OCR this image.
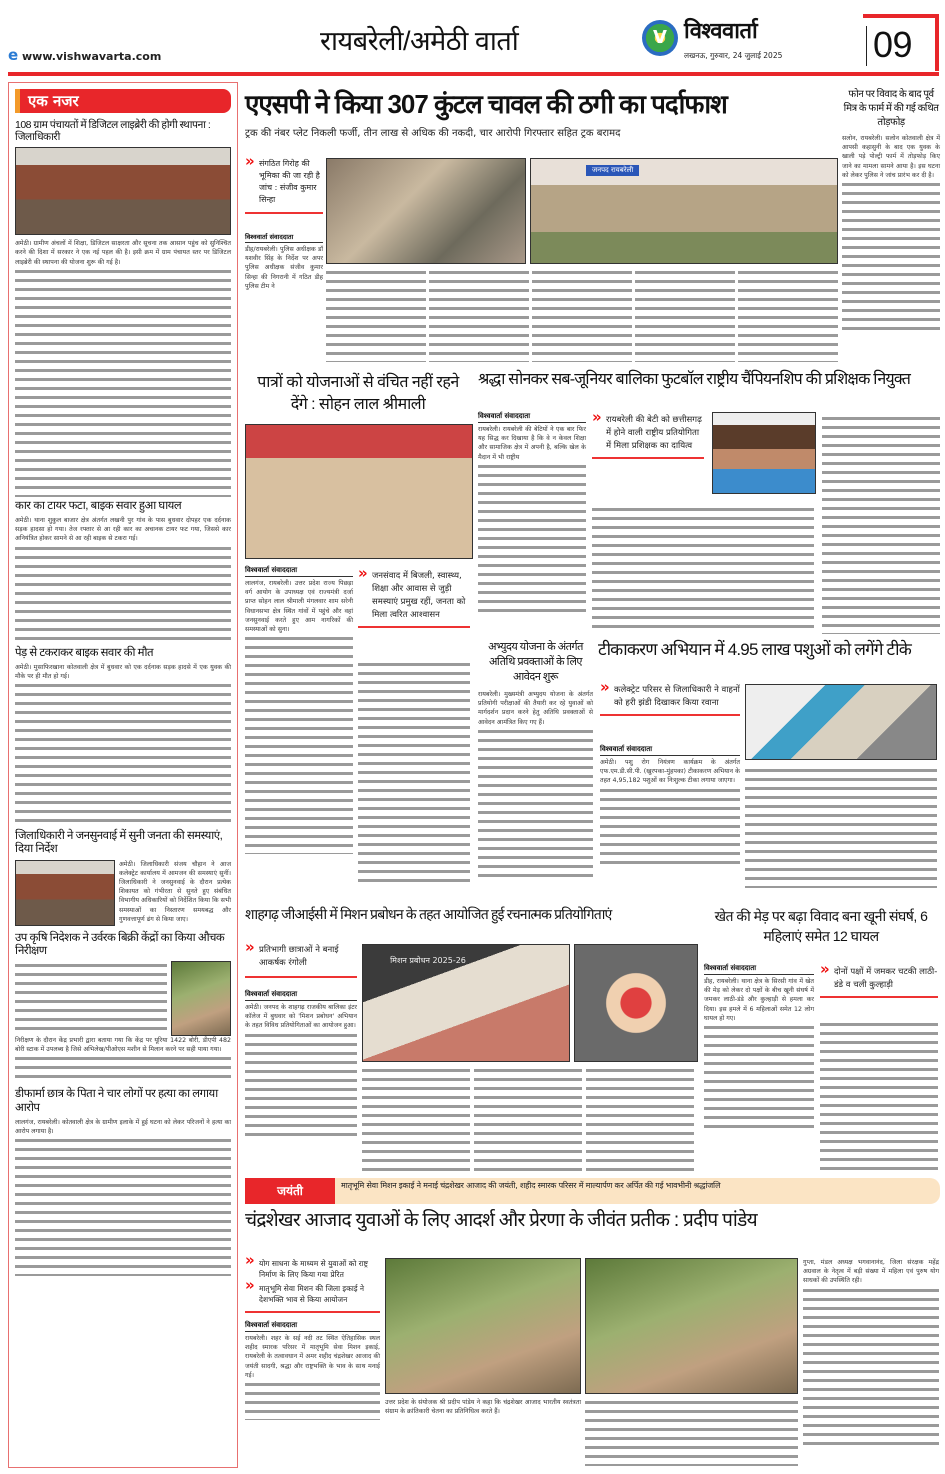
e www.vishwavarta.com
रायबरेली/अमेठी वार्ता	V विश्ववार्ता
लखनऊ, गुरुवार, 24 जुलाई 2025	09
एक नजर
108 ग्राम पंचायतों में डिजिटल लाइब्रेरी की होगी स्थापना : जिलाधिकारी
अमेठी। ग्रामीण अंचलों में शिक्षा, डिजिटल साक्षरता और सूचना तक आसान पहुंच को सुनिश्चित करने की दिशा में सरकार ने एक नई पहल की है। इसी क्रम में ग्राम पंचायत स्तर पर डिजिटल लाइब्रेरी की स्थापना की योजना शुरू की गई है।
कार का टायर फटा, बाइक सवार हुआ घायल
अमेठी। थाना शुकुल बाजार क्षेत्र अंतर्गत लखनी पुर गांव के पास बुधवार दोपहर एक दर्दनाक सड़क हादसा हो गया। तेज रफ्तार से आ रही कार का अचानक टायर फट गया, जिससे कार अनियंत्रित होकर सामने से आ रही बाइक से टकरा गई।
पेड़ से टकराकर बाइक सवार की मौत
अमेठी। मुसाफिरखाना कोतवाली क्षेत्र में बुधवार को एक दर्दनाक सड़क हादसे में एक युवक की मौके पर ही मौत हो गई।
जिलाधिकारी ने जनसुनवाई में सुनी जनता की समस्याएं, दिया निर्देश
अमेठी। जिलाधिकारी संजय चौहान ने आज कलेक्ट्रेट कार्यालय में आमजन की समस्याएं सुनीं। जिलाधिकारी ने जनसुनवाई के दौरान प्रत्येक शिकायत को गंभीरता से सुनते हुए संबंधित विभागीय अधिकारियों को निर्देशित किया कि सभी समस्याओं का निस्तारण समयबद्ध और गुणवत्तापूर्ण ढंग से किया जाए।
उप कृषि निदेशक ने उर्वरक बिक्री केंद्रों का किया औचक निरीक्षण
निरीक्षण के दौरान केंद्र प्रभारी द्वारा बताया गया कि केंद्र पर यूरिया 1422 बोरी, डीएपी 482 बोरी स्टाक में उपलब्ध है जिसे अभिलेख/पीओएस मशीन से मिलान करने पर सही पाया गया।
डीफार्मा छात्र के पिता ने चार लोगों पर हत्या का लगाया आरोप
लालगंज, रायबरेली। कोतवाली क्षेत्र के ग्रामीण इलाके में हुई घटना को लेकर परिजनों ने हत्या का आरोप लगाया है।
एएसपी ने किया 307 कुंटल चावल की ठगी का पर्दाफाश
ट्रक की नंबर प्लेट निकली फर्जी, तीन लाख से अधिक की नकदी, चार आरोपी गिरफ्तार सहित ट्रक बरामद
» संगठित गिरोह की भूमिका की जा रही है जांच : संजीव कुमार सिन्हा
विश्ववार्ता संवाददाता
डीह/रायबरेली। पुलिस अधीक्षक डॉ यशवीर सिंह के निर्देश पर अपर पुलिस अधीक्षक संजीव कुमार सिन्हा की निगरानी में गठित डीह पुलिस टीम ने
जनपद रायबरेली
फोन पर विवाद के बाद पूर्व मित्र के फार्म में की गई कथित तोड़फोड़
सलोन, रायबरेली। सलोन कोतवाली क्षेत्र में आपसी कहासुनी के बाद एक युवक के खाली पड़े पोल्ट्री फार्म में तोड़फोड़ किए जाने का मामला सामने आया है। इस घटना को लेकर पुलिस ने जांच प्रारंभ कर दी है।
पात्रों को योजनाओं से वंचित नहीं रहने देंगे : सोहन लाल श्रीमाली
विश्ववार्ता संवाददाता
लालगंज, रायबरेली। उत्तर प्रदेश राज्य पिछड़ा वर्ग आयोग के उपाध्यक्ष एवं राज्यमंत्री दर्जा प्राप्त सोहन लाल श्रीमाली मंगलवार शाम सरेनी विधानसभा क्षेत्र स्थित गांवों में पहुंचे और वहां जनसुनवाई करते हुए आम नागरिकों की समस्याओं को सुना।
» जनसंवाद में बिजली, स्वास्थ्य, शिक्षा और आवास से जुड़ी समस्याएं प्रमुख रहीं, जनता को मिला त्वरित आश्वासन
श्रद्धा सोनकर सब-जूनियर बालिका फुटबॉल राष्ट्रीय चैंपियनशिप की प्रशिक्षक नियुक्त
विश्ववार्ता संवाददाता
रायबरेली। रायबरेली की बेटियों ने एक बार फिर यह सिद्ध कर दिखाया है कि वे न केवल शिक्षा और सामाजिक क्षेत्र में अपनी है, बल्कि खेल के मैदान में भी राष्ट्रीय
» रायबरेली की बेटी को छत्तीसगढ़ में होने वाली राष्ट्रीय प्रतियोगिता में मिला प्रशिक्षक का दायित्व
अभ्युदय योजना के अंतर्गत अतिथि प्रवक्ताओं के लिए आवेदन शुरू
रायबरेली। मुख्यमंत्री अभ्युदय योजना के अंतर्गत प्रतियोगी परीक्षाओं की तैयारी कर रहे युवाओं को मार्गदर्शन प्रदान करने हेतु अतिथि प्रवक्ताओं से आवेदन आमंत्रित किए गए हैं।
टीकाकरण अभियान में 4.95 लाख पशुओं को लगेंगे टीके
» कलेक्ट्रेट परिसर से जिलाधिकारी ने वाहनों को हरी झंडी दिखाकर किया रवाना
विश्ववार्ता संवाददाता
अमेठी। पशु रोग नियंत्रण कार्यक्रम के अंतर्गत एफ.एम.डी.सी.पी. (खुरपका-मुंहपका) टीकाकरण अभियान के तहत 4,95,182 पशुओं का निःशुल्क टीका लगाया जाएगा।
शाहगढ़ जीआईसी में मिशन प्रबोधन के तहत आयोजित हुई रचनात्मक प्रतियोगिताएं
» प्रतिभागी छात्राओं ने बनाई आकर्षक रंगोली
विश्ववार्ता संवाददाता
अमेठी। जनपद के शाहगढ़ राजकीय बालिका इंटर कॉलेज में बुधवार को 'मिशन प्रबोधन' अभियान के तहत विविध प्रतियोगिताओं का आयोजन हुआ।
मिशन प्रबोधन 2025-26
खेत की मेड़ पर बढ़ा विवाद बना खूनी संघर्ष, 6 महिलाएं समेत 12 घायल
विश्ववार्ता संवाददाता
डीह, रायबरेली। थाना क्षेत्र के सिरसी गांव में खेत की मेड़ को लेकर दो पक्षों के बीच खूनी संघर्ष में जमकर लाठी-डंडे और कुल्हाड़ी से हमला कर दिया। इस हमले में 6 महिलाओं समेत 12 लोग घायल हो गए।
» दोनों पक्षों में जमकर चटकी लाठी-डंडे व चली कुल्हाड़ी
जयंती	मातृभूमि सेवा मिशन इकाई ने मनाई चंद्रशेखर आजाद की जयंती, शहीद स्मारक परिसर में माल्यार्पण कर अर्पित की गई भावभीनी श्रद्धांजलि
चंद्रशेखर आजाद युवाओं के लिए आदर्श और प्रेरणा के जीवंत प्रतीक : प्रदीप पांडेय
» योग साधना के माध्यम से युवाओं को राष्ट्र निर्माण के लिए किया गया प्रेरित
» मातृभूमि सेवा मिशन की जिला इकाई ने देशभक्ति भाव से किया आयोजन
विश्ववार्ता संवाददाता
रायबरेली। शहर के सई नदी तट स्थित ऐतिहासिक स्थल शहीद स्मारक परिसर में मातृभूमि सेवा मिशन इकाई, रायबरेली के तत्वावधान में अमर शहीद चंद्रशेखर आजाद की जयंती सादगी, श्रद्धा और राष्ट्रभक्ति के भाव के साथ मनाई गई।
उत्तर प्रदेश के संयोजक श्री प्रदीप पांडेय ने कहा कि चंद्रशेखर आजाद भारतीय स्वतंत्रता संग्राम के क्रांतिकारी चेतना का प्रतिनिधित्व करते हैं।
गुप्ता, मंडल अध्यक्ष भगवानानंद, जिला संरक्षक महेंद्र अग्रवाल के नेतृत्व में बड़ी संख्या में महिला एवं पुरुष योग साधकों की उपस्थिति रही।
